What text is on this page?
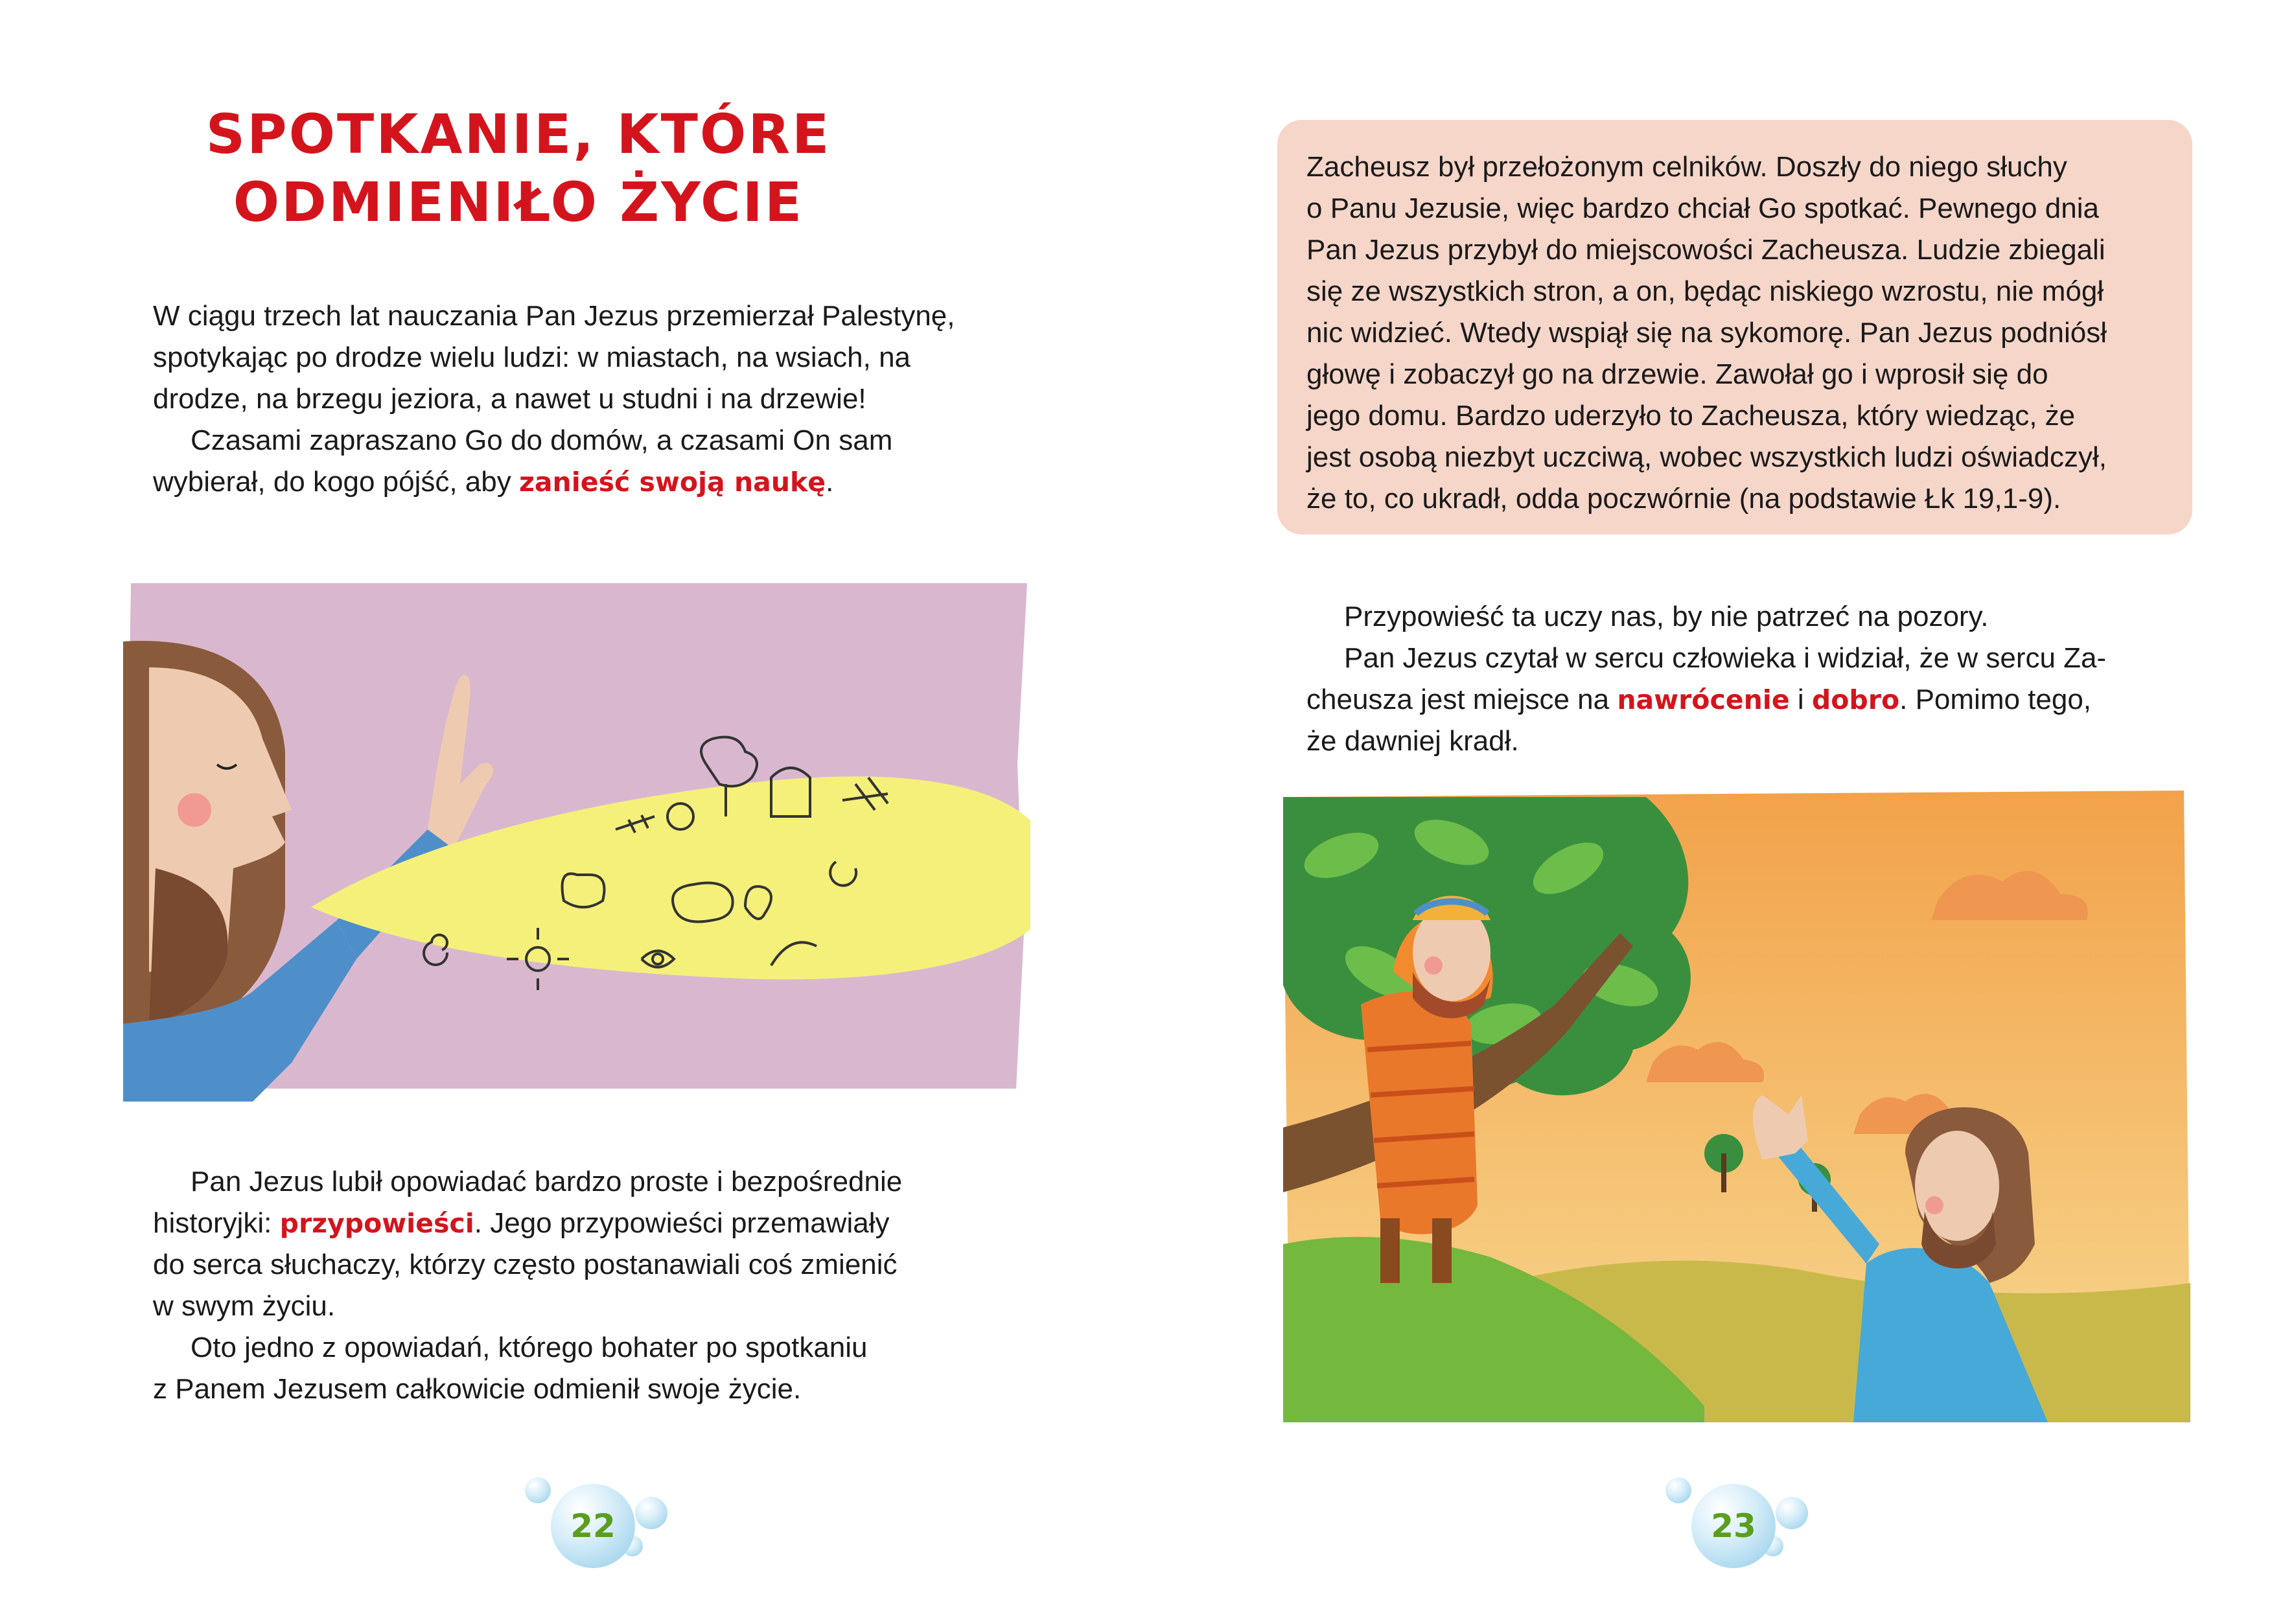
SPOTKANIE, KTÓRE
ODMIENIŁO ŻYCIE

W ciągu trzech lat nauczania Pan Jezus przemierzał Palestynę,
spotykając po drodze wielu ludzi: w miastach, na wsiach, na
drodze, na brzegu jeziora, a nawet u studni i na drzewie!
Czasami zapraszano Go do domów, a czasami On sam
wybierał, do kogo pójść, aby zanieść swoją naukę.

Pan Jezus lubił opowiadać bardzo proste i bezpośrednie
historyjki: przypowieści. Jego przypowieści przemawiały
do serca słuchaczy, którzy często postanawiali coś zmienić
w swym życiu.
Oto jedno z opowiadań, którego bohater po spotkaniu
z Panem Jezusem całkowicie odmienił swoje życie.

22

Zacheusz był przełożonym celników. Doszły do niego słuchy
o Panu Jezusie, więc bardzo chciał Go spotkać. Pewnego dnia
Pan Jezus przybył do miejscowości Zacheusza. Ludzie zbiegali
się ze wszystkich stron, a on, będąc niskiego wzrostu, nie mógł
nic widzieć. Wtedy wspiął się na sykomorę. Pan Jezus podniósł
głowę i zobaczył go na drzewie. Zawołał go i wprosił się do
jego domu. Bardzo uderzyło to Zacheusza, który wiedząc, że
jest osobą niezbyt uczciwą, wobec wszystkich ludzi oświadczył,
że to, co ukradł, odda poczwórnie (na podstawie Łk 19,1-9).

Przypowieść ta uczy nas, by nie patrzeć na pozory.
Pan Jezus czytał w sercu człowieka i widział, że w sercu Za-
cheusza jest miejsce na nawrócenie i dobro. Pomimo tego,
że dawniej kradł.

23
